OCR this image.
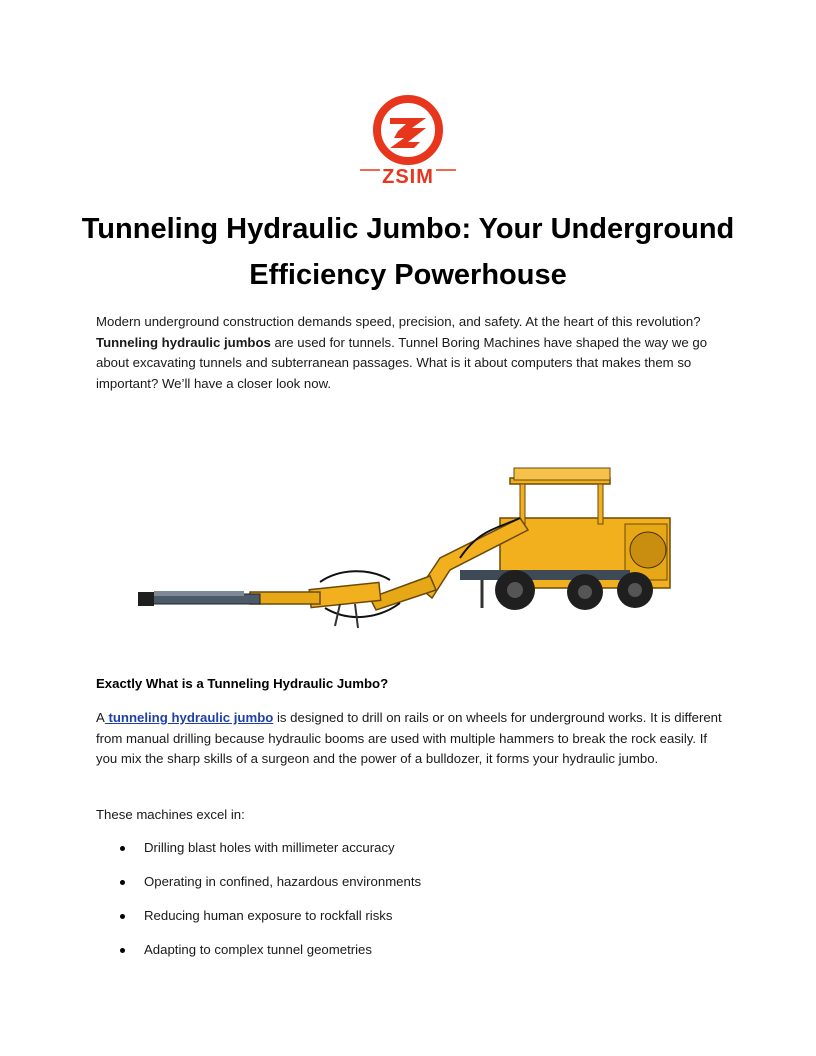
ZSIM
Tunneling Hydraulic Jumbo: Your Underground Efficiency Powerhouse
Modern underground construction demands speed, precision, and safety. At the heart of this revolution? Tunneling hydraulic jumbos are used for tunnels. Tunnel Boring Machines have shaped the way we go about excavating tunnels and subterranean passages. What is it about computers that makes them so important? We’ll have a closer look now.
Exactly What is a Tunneling Hydraulic Jumbo?
A tunneling hydraulic jumbo is designed to drill on rails or on wheels for underground works. It is different from manual drilling because hydraulic booms are used with multiple hammers to break the rock easily. If you mix the sharp skills of a surgeon and the power of a bulldozer, it forms your hydraulic jumbo.
These machines excel in:
Drilling blast holes with millimeter accuracy
Operating in confined, hazardous environments
Reducing human exposure to rockfall risks
Adapting to complex tunnel geometries
